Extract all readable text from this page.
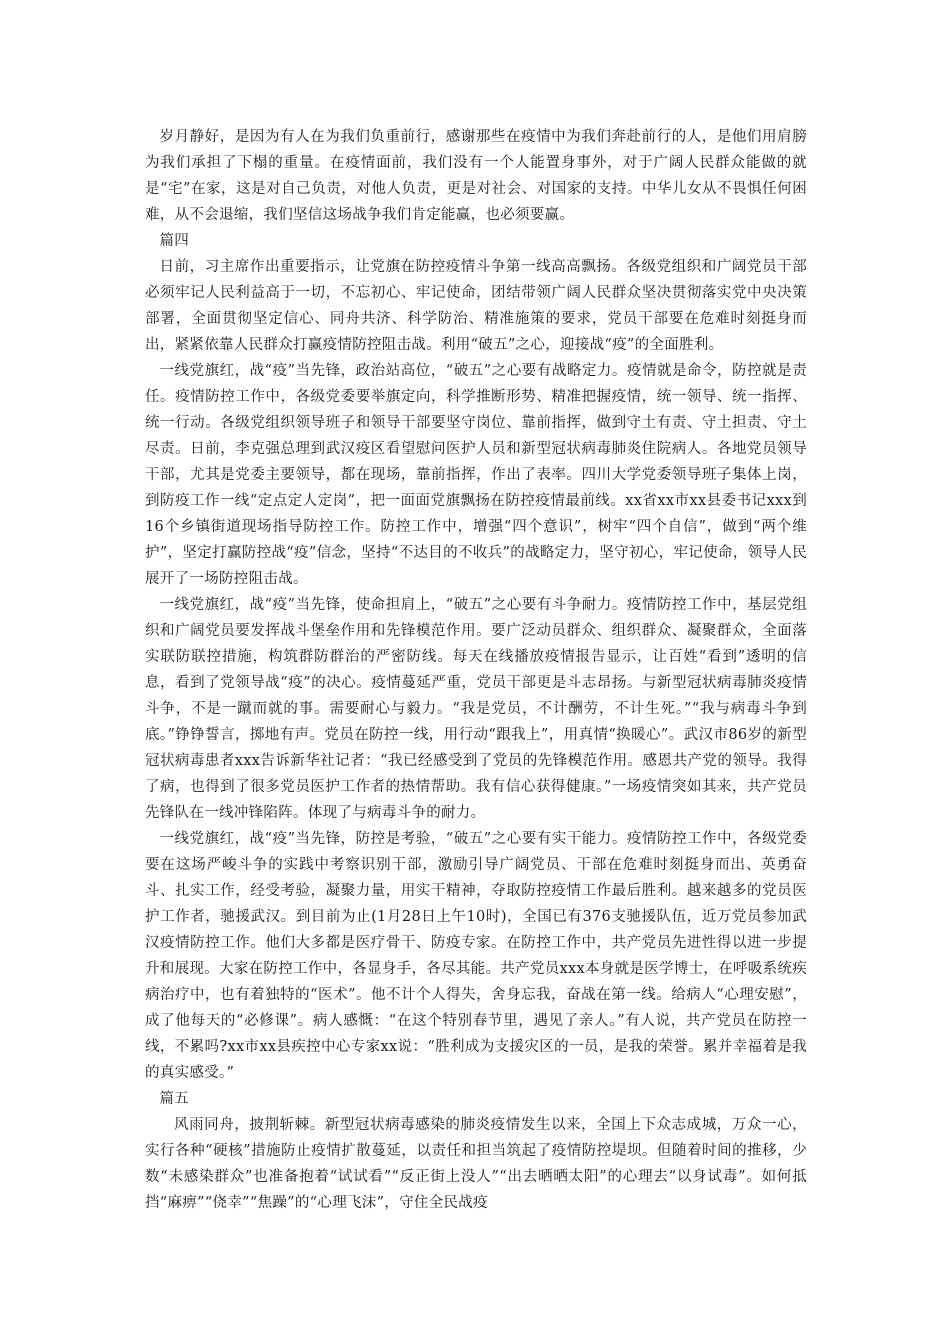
岁月静好，是因为有人在为我们负重前行，感谢那些在疫情中为我们奔赴前行的人，是他们用肩膀为我们承担了下榻的重量。在疫情面前，我们没有一个人能置身事外，对于广阔人民群众能做的就是“宅”在家，这是对自己负责，对他人负责，更是对社会、对国家的支持。中华儿女从不畏惧任何困难，从不会退缩，我们坚信这场战争我们肯定能赢，也必须要赢。

篇四

日前，习主席作出重要指示，让党旗在防控疫情斗争第一线高高飘扬。各级党组织和广阔党员干部必须牢记人民利益高于一切，不忘初心、牢记使命，团结带领广阔人民群众坚决贯彻落实党中央决策部署，全面贯彻坚定信心、同舟共济、科学防治、精准施策的要求，党员干部要在危难时刻挺身而出，紧紧依靠人民群众打赢疫情防控阻击战。利用“破五”之心，迎接战“疫”的全面胜利。

一线党旗红，战“疫”当先锋，政治站高位，“破五”之心要有战略定力。疫情就是命令，防控就是责任。疫情防控工作中，各级党委要举旗定向，科学推断形势、精准把握疫情，统一领导、统一指挥、统一行动。各级党组织领导班子和领导干部要坚守岗位、靠前指挥，做到守土有责、守土担责、守土尽责。日前，李克强总理到武汉疫区看望慰问医护人员和新型冠状病毒肺炎住院病人。各地党员领导干部，尤其是党委主要领导，都在现场，靠前指挥，作出了表率。四川大学党委领导班子集体上岗，到防疫工作一线“定点定人定岗”，把一面面党旗飘扬在防控疫情最前线。xx省xx市xx县委书记xxx到16个乡镇街道现场指导防控工作。防控工作中，增强“四个意识”，树牢“四个自信”，做到“两个维护”，坚定打赢防控战“疫”信念，坚持“不达目的不收兵”的战略定力，坚守初心，牢记使命，领导人民展开了一场防控阻击战。

一线党旗红，战“疫”当先锋，使命担肩上，“破五”之心要有斗争耐力。疫情防控工作中，基层党组织和广阔党员要发挥战斗堡垒作用和先锋模范作用。要广泛动员群众、组织群众、凝聚群众，全面落实联防联控措施，构筑群防群治的严密防线。每天在线播放疫情报告显示，让百姓“看到”透明的信息，看到了党领导战“疫”的决心。疫情蔓延严重，党员干部更是斗志昂扬。与新型冠状病毒肺炎疫情斗争，不是一蹴而就的事。需要耐心与毅力。“我是党员，不计酬劳，不计生死。”“我与病毒斗争到底。”铮铮誓言，掷地有声。党员在防控一线，用行动“跟我上”，用真情“换暖心”。武汉市86岁的新型冠状病毒患者xxx告诉新华社记者：“我已经感受到了党员的先锋模范作用。感恩共产党的领导。我得了病，也得到了很多党员医护工作者的热情帮助。我有信心获得健康。”一场疫情突如其来，共产党员先锋队在一线冲锋陷阵。体现了与病毒斗争的耐力。

一线党旗红，战“疫”当先锋，防控是考验，“破五”之心要有实干能力。疫情防控工作中，各级党委要在这场严峻斗争的实践中考察识别干部，激励引导广阔党员、干部在危难时刻挺身而出、英勇奋斗、扎实工作，经受考验，凝聚力量，用实干精神，夺取防控疫情工作最后胜利。越来越多的党员医护工作者，驰援武汉。到目前为止(1月28日上午10时)，全国已有376支驰援队伍，近万党员参加武汉疫情防控工作。他们大多都是医疗骨干、防疫专家。在防控工作中，共产党员先进性得以进一步提升和展现。大家在防控工作中，各显身手，各尽其能。共产党员xxx本身就是医学博士，在呼吸系统疾病治疗中，也有着独特的“医术”。他不计个人得失，舍身忘我，奋战在第一线。给病人“心理安慰”，成了他每天的“必修课”。病人感慨：“在这个特别春节里，遇见了亲人。”有人说，共产党员在防控一线，不累吗?xx市xx县疾控中心专家xx说：“胜利成为支援灾区的一员，是我的荣誉。累并幸福着是我的真实感受。”

篇五

风雨同舟，披荆斩棘。新型冠状病毒感染的肺炎疫情发生以来，全国上下众志成城，万众一心，实行各种“硬核”措施防止疫情扩散蔓延，以责任和担当筑起了疫情防控堤坝。但随着时间的推移，少数“未感染群众”也准备抱着“试试看”“反正街上没人”“出去晒晒太阳”的心理去“以身试毒”。如何抵挡“麻痹”“侥幸”“焦躁”的“心理飞沫”，守住全民战疫
